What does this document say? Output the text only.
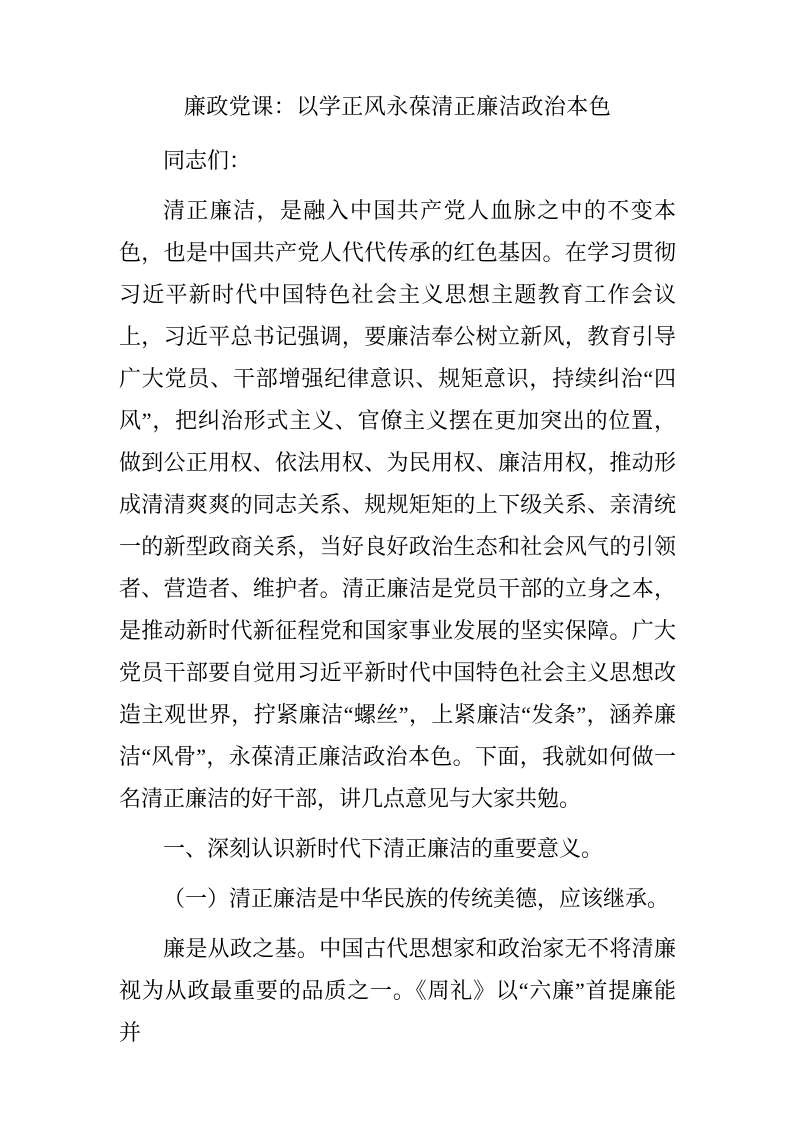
廉政党课：以学正风永葆清正廉洁政治本色

同志们：

清正廉洁，是融入中国共产党人血脉之中的不变本色，也是中国共产党人代代传承的红色基因。在学习贯彻习近平新时代中国特色社会主义思想主题教育工作会议上，习近平总书记强调，要廉洁奉公树立新风，教育引导广大党员、干部增强纪律意识、规矩意识，持续纠治“四风”，把纠治形式主义、官僚主义摆在更加突出的位置，做到公正用权、依法用权、为民用权、廉洁用权，推动形成清清爽爽的同志关系、规规矩矩的上下级关系、亲清统一的新型政商关系，当好良好政治生态和社会风气的引领者、营造者、维护者。清正廉洁是党员干部的立身之本，是推动新时代新征程党和国家事业发展的坚实保障。广大党员干部要自觉用习近平新时代中国特色社会主义思想改造主观世界，拧紧廉洁“螺丝”，上紧廉洁“发条”，涵养廉洁“风骨”，永葆清正廉洁政治本色。下面，我就如何做一名清正廉洁的好干部，讲几点意见与大家共勉。

一、深刻认识新时代下清正廉洁的重要意义。

（一）清正廉洁是中华民族的传统美德，应该继承。

廉是从政之基。中国古代思想家和政治家无不将清廉视为从政最重要的品质之一。《周礼》以“六廉”首提廉能并
